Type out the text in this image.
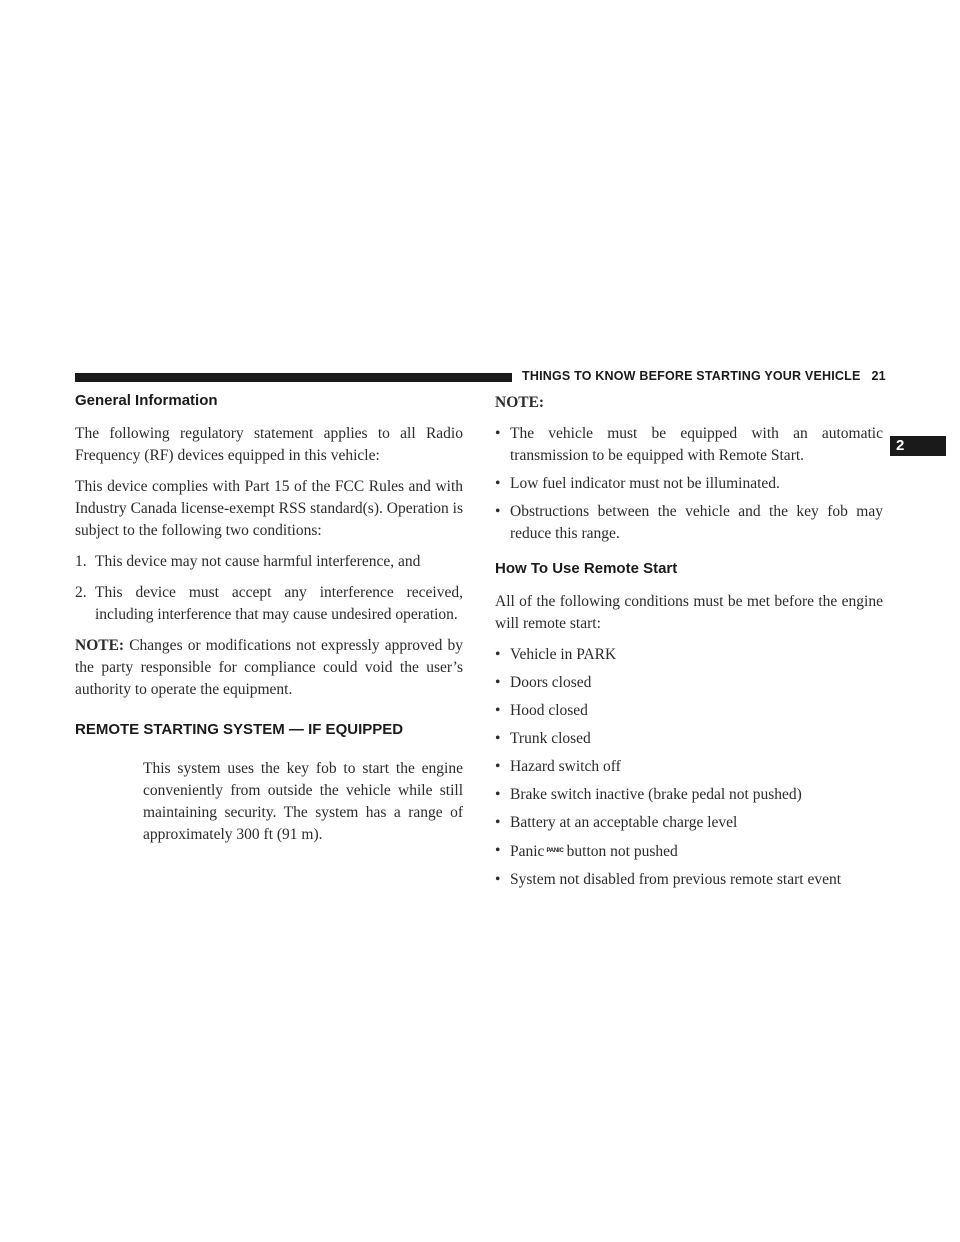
THINGS TO KNOW BEFORE STARTING YOUR VEHICLE 21
2
General Information

The following regulatory statement applies to all Radio Frequency (RF) devices equipped in this vehicle:

This device complies with Part 15 of the FCC Rules and with Industry Canada license-exempt RSS standard(s). Operation is subject to the following two conditions:

1. This device may not cause harmful interference, and
2. This device must accept any interference received, including interference that may cause undesired operation.

NOTE: Changes or modifications not expressly approved by the party responsible for compliance could void the user’s authority to operate the equipment.

REMOTE STARTING SYSTEM — IF EQUIPPED

This system uses the key fob to start the engine conveniently from outside the vehicle while still maintaining security. The system has a range of approximately 300 ft (91 m).

NOTE:

• The vehicle must be equipped with an automatic transmission to be equipped with Remote Start.
• Low fuel indicator must not be illuminated.
• Obstructions between the vehicle and the key fob may reduce this range.
How To Use Remote Start

All of the following conditions must be met before the engine will remote start:

• Vehicle in PARK
• Doors closed
• Hood closed
• Trunk closed
• Hazard switch off
• Brake switch inactive (brake pedal not pushed)
• Battery at an acceptable charge level
• Panic PANIC button not pushed
• System not disabled from previous remote start event
